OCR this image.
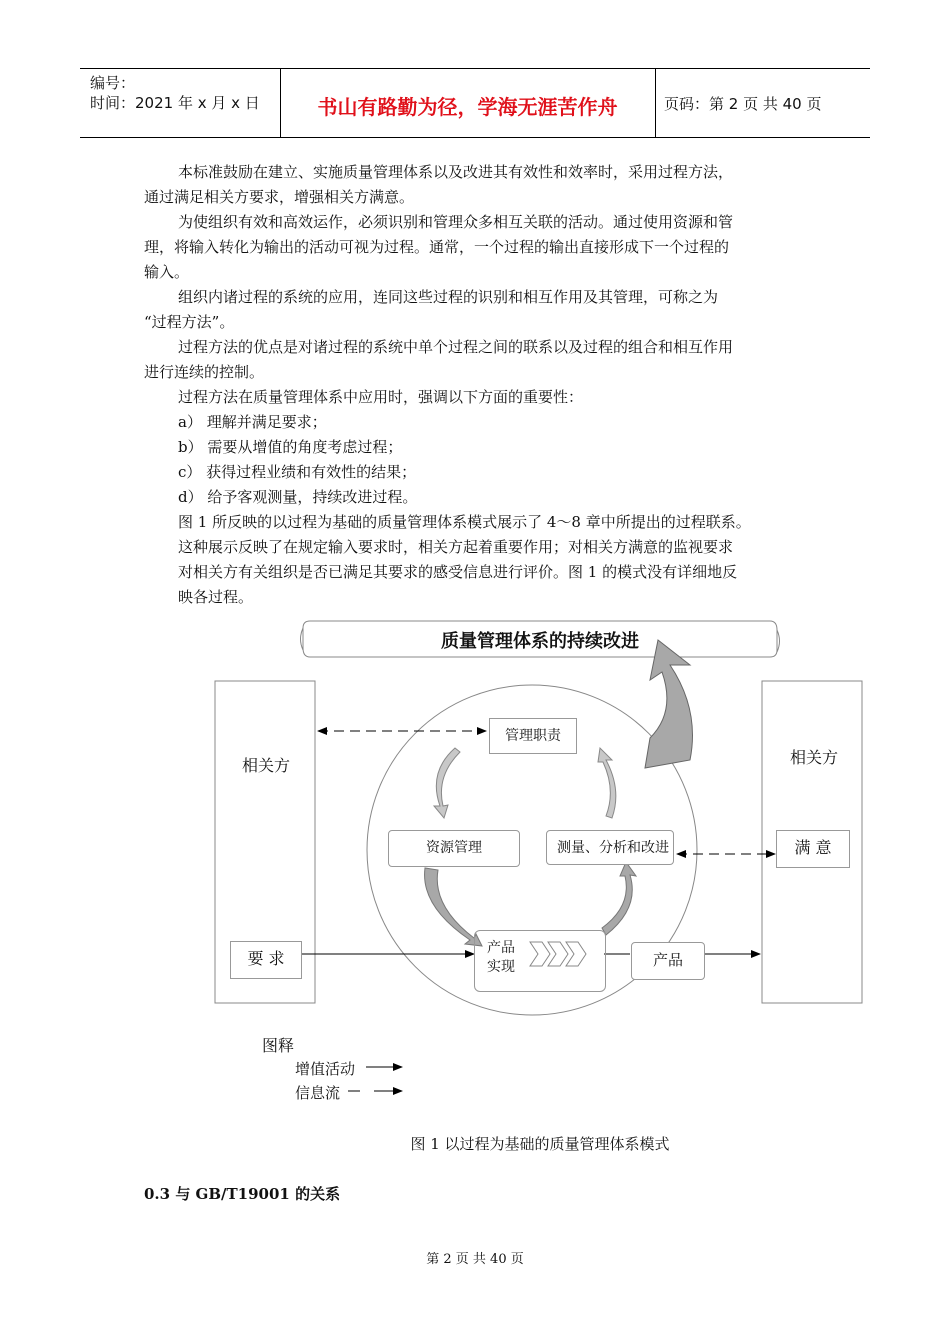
编号：
时间：2021 年 x 月 x 日	书山有路勤为径，学海无涯苦作舟	页码：第 2 页 共 40 页
本标准鼓励在建立、实施质量管理体系以及改进其有效性和效率时，采用过程方法，
通过满足相关方要求，增强相关方满意。
为使组织有效和高效运作，必须识别和管理众多相互关联的活动。通过使用资源和管
理，将输入转化为输出的活动可视为过程。通常，一个过程的输出直接形成下一个过程的
输入。
组织内诸过程的系统的应用，连同这些过程的识别和相互作用及其管理，可称之为
“过程方法”。
过程方法的优点是对诸过程的系统中单个过程之间的联系以及过程的组合和相互作用
进行连续的控制。
过程方法在质量管理体系中应用时，强调以下方面的重要性：
a） 理解并满足要求；
b） 需要从增值的角度考虑过程；
c） 获得过程业绩和有效性的结果；
d） 给予客观测量，持续改进过程。
图 1 所反映的以过程为基础的质量管理体系模式展示了 4～8 章中所提出的过程联系。
这种展示反映了在规定输入要求时，相关方起着重要作用；对相关方满意的监视要求
对相关方有关组织是否已满足其要求的感受信息进行评价。图 1 的模式没有详细地反
映各过程。
质量管理体系的持续改进
相关方	相关方
管理职责
资源管理	测量、分析和改进	满 意
产品
实现
要 求	产品
图释
增值活动
信息流
图 1 以过程为基础的质量管理体系模式
0.3 与 GB/T19001 的关系
第 2 页 共 40 页
